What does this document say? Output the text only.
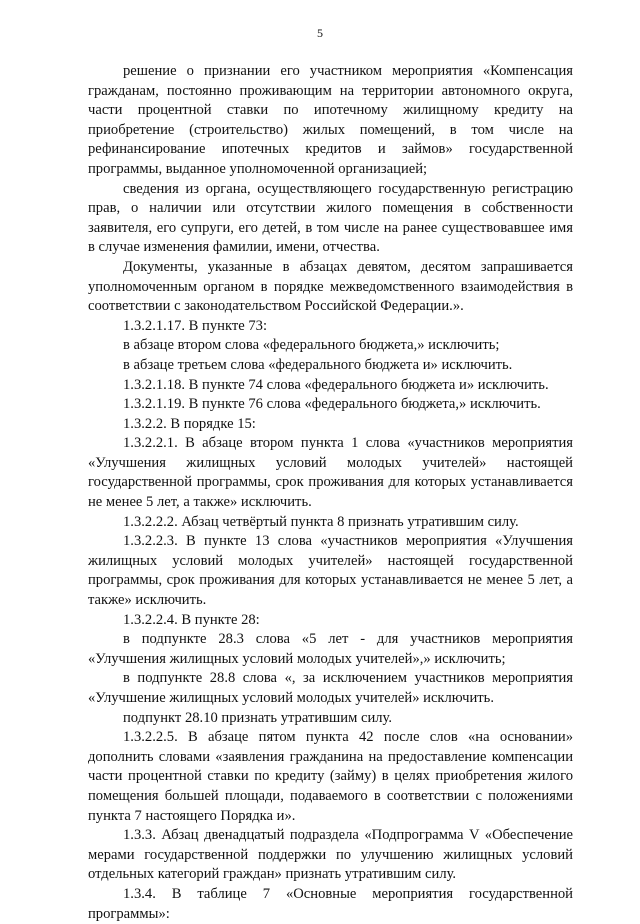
5

решение о признании его участником мероприятия «Компенсация гражданам, постоянно проживающим на территории автономного округа, части процентной ставки по ипотечному жилищному кредиту на приобретение (строительство) жилых помещений, в том числе на рефинансирование ипотечных кредитов и займов» государственной программы, выданное уполномоченной организацией;

сведения из органа, осуществляющего государственную регистрацию прав, о наличии или отсутствии жилого помещения в собственности заявителя, его супруги, его детей, в том числе на ранее существовавшее имя в случае изменения фамилии, имени, отчества.

Документы, указанные в абзацах девятом, десятом запрашивается уполномоченным органом в порядке межведомственного взаимодействия в соответствии с законодательством Российской Федерации.».

1.3.2.1.17. В пункте 73:

в абзаце втором слова «федерального бюджета,» исключить;

в абзаце третьем слова «федерального бюджета и» исключить.

1.3.2.1.18. В пункте 74 слова «федерального бюджета и» исключить.

1.3.2.1.19. В пункте 76 слова «федерального бюджета,» исключить.

1.3.2.2. В порядке 15:

1.3.2.2.1. В абзаце втором пункта 1 слова «участников мероприятия «Улучшения жилищных условий молодых учителей» настоящей государственной программы, срок проживания для которых устанавливается не менее 5 лет, а также» исключить.

1.3.2.2.2. Абзац четвёртый пункта 8 признать утратившим силу.

1.3.2.2.3. В пункте 13 слова «участников мероприятия «Улучшения жилищных условий молодых учителей» настоящей государственной программы, срок проживания для которых устанавливается не менее 5 лет, а также» исключить.

1.3.2.2.4. В пункте 28:

в подпункте 28.3 слова «5 лет - для участников мероприятия «Улучшения жилищных условий молодых учителей»,» исключить;

в подпункте 28.8 слова «, за исключением участников мероприятия «Улучшение жилищных условий молодых учителей» исключить.

подпункт 28.10 признать утратившим силу.

1.3.2.2.5. В абзаце пятом пункта 42 после слов «на основании» дополнить словами «заявления гражданина на предоставление компенсации части процентной ставки по кредиту (займу) в целях приобретения жилого помещения большей площади, подаваемого в соответствии с положениями пункта 7 настоящего Порядка и».

1.3.3. Абзац двенадцатый подраздела «Подпрограмма V «Обеспечение мерами государственной поддержки по улучшению жилищных условий отдельных категорий граждан» признать утратившим силу.

1.3.4. В таблице 7 «Основные мероприятия государственной программы»:
